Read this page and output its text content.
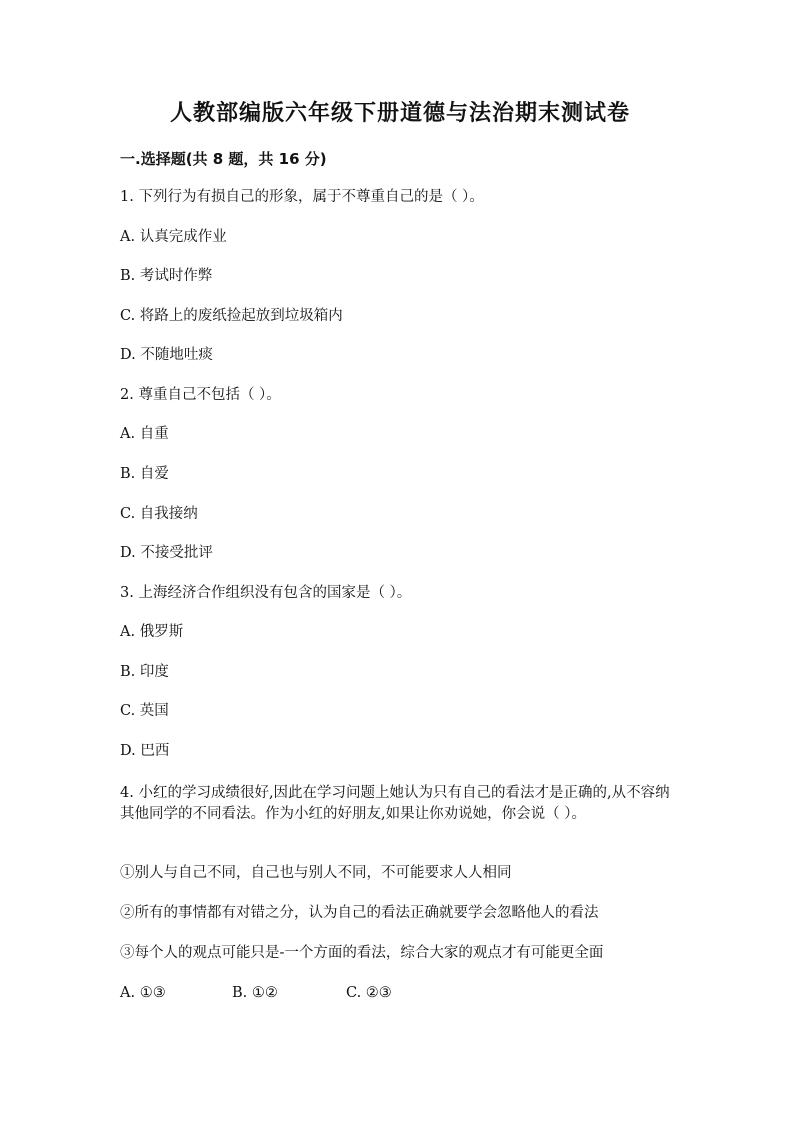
人教部编版六年级下册道德与法治期末测试卷
一.选择题(共 8 题，共 16 分)
1. 下列行为有损自己的形象，属于不尊重自己的是（ ）。
A. 认真完成作业
B. 考试时作弊
C. 将路上的废纸捡起放到垃圾箱内
D. 不随地吐痰
2. 尊重自己不包括（ ）。
A. 自重
B. 自爱
C. 自我接纳
D. 不接受批评
3. 上海经济合作组织没有包含的国家是（ ）。
A. 俄罗斯
B. 印度
C. 英国
D. 巴西
4. 小红的学习成绩很好,因此在学习问题上她认为只有自己的看法才是正确的,从不容纳其他同学的不同看法。作为小红的好朋友,如果让你劝说她，你会说（ ）。
①别人与自己不同，自己也与别人不同，不可能要求人人相同
②所有的事情都有对错之分，认为自己的看法正确就要学会忽略他人的看法
③每个人的观点可能只是-一个方面的看法，综合大家的观点才有可能更全面
A. ①③	B. ①②	C. ②③
